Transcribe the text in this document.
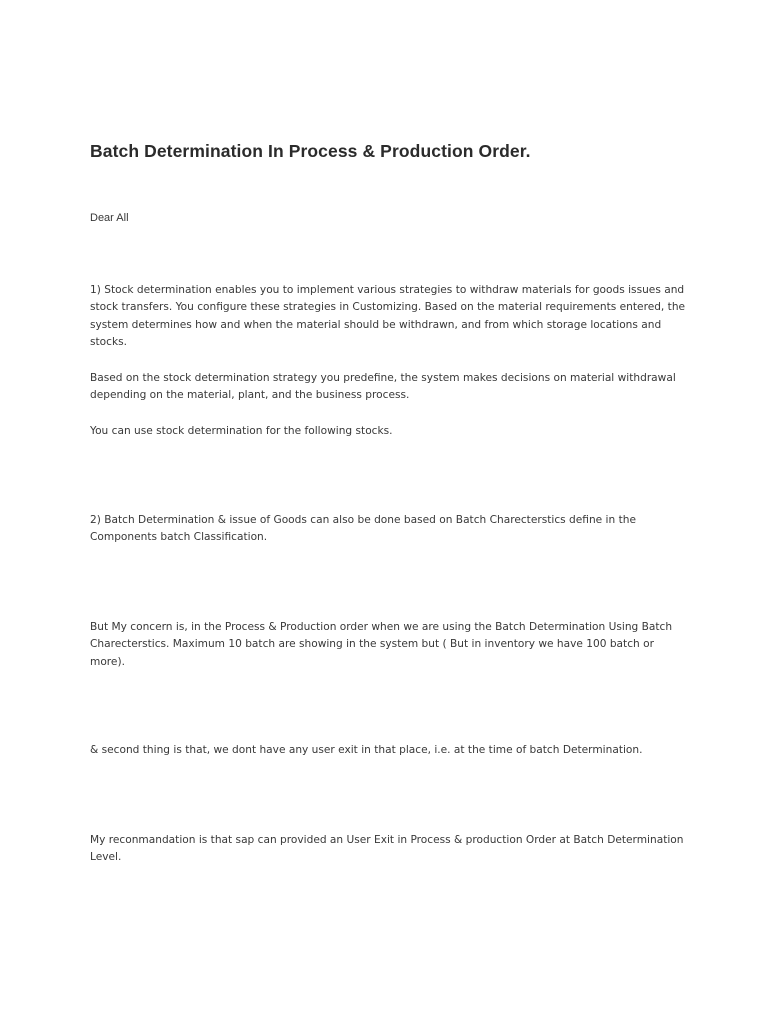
Batch Determination In Process & Production Order.

Dear All

1) Stock determination enables you to implement various strategies to withdraw materials for goods issues and stock transfers. You configure these strategies in Customizing. Based on the material requirements entered, the system determines how and when the material should be withdrawn, and from which storage locations and stocks.

Based on the stock determination strategy you predefine, the system makes decisions on material withdrawal depending on the material, plant, and the business process.

You can use stock determination for the following stocks.

2) Batch Determination & issue of Goods can also be done based on Batch Charecterstics define in the Components batch Classification.

But My concern is, in the Process & Production order when we are using the Batch Determination Using Batch Charecterstics. Maximum 10 batch are showing in the system but ( But in inventory we have 100 batch or more).

& second thing is that, we dont have any user exit in that place, i.e. at the time of batch Determination.

My reconmandation is that sap can provided an User Exit in Process & production Order at Batch Determination Level.
